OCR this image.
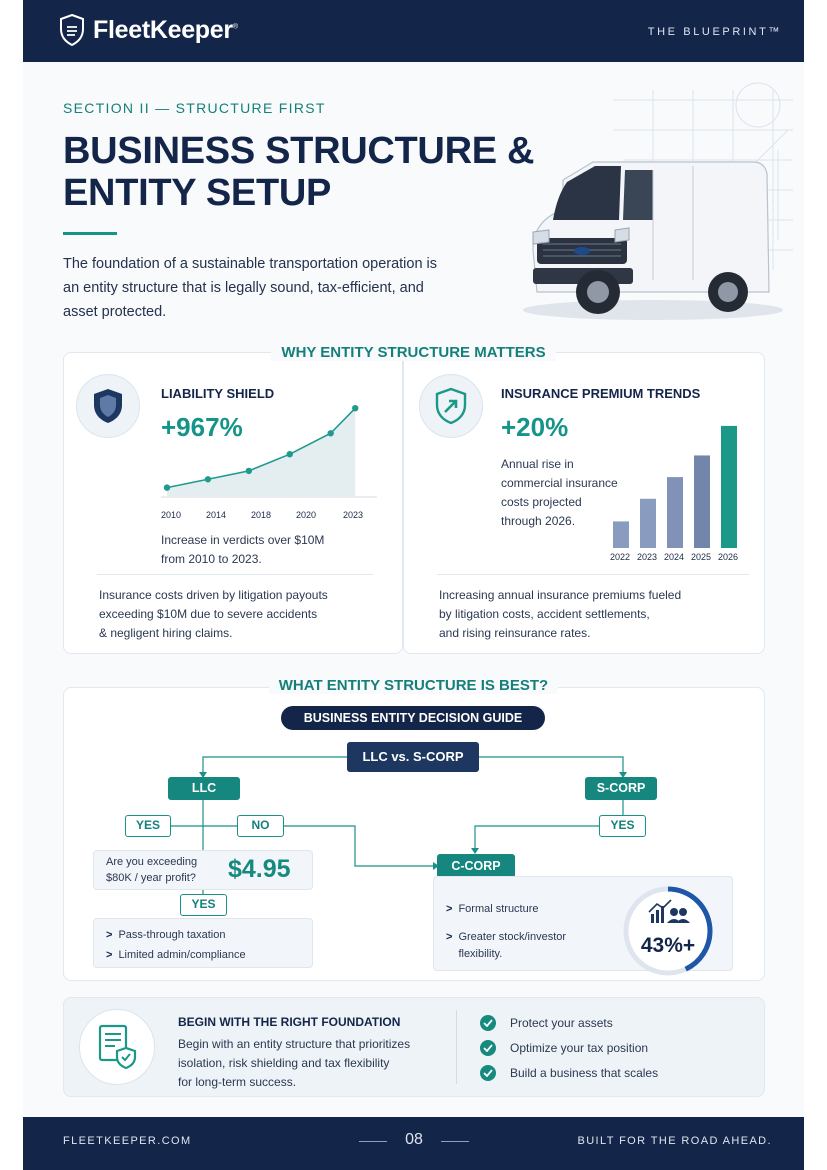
FleetKeeper®	THE BLUEPRINT™
SECTION II — STRUCTURE FIRST
BUSINESS STRUCTURE &
ENTITY SETUP
The foundation of a sustainable transportation operation is
an entity structure that is legally sound, tax-efficient, and
asset protected.
WHY ENTITY STRUCTURE MATTERS
LIABILITY SHIELD
+967%
2010	2014	2018	2020	2023
Increase in verdicts over $10M
from 2010 to 2023.
Insurance costs driven by litigation payouts
exceeding $10M due to severe accidents
& negligent hiring claims.
INSURANCE PREMIUM TRENDS
+20%
Annual rise in
commercial insurance
costs projected
through 2026.
2022 2023 2024 2025 2026
Increasing annual insurance premiums fueled
by litigation costs, accident settlements,
and rising reinsurance rates.
WHAT ENTITY STRUCTURE IS BEST?
BUSINESS ENTITY DECISION GUIDE
LLC vs. S-CORP
LLC	S-CORP
YES	NO	YES
Are you exceeding
$80K / year profit? $4.95
YES
C-CORP
> Pass-through taxation
> Limited admin/compliance
> Formal structure
> Greater stock/investor flexibility.	43%+
BEGIN WITH THE RIGHT FOUNDATION
Begin with an entity structure that prioritizes
isolation, risk shielding and tax flexibility
for long-term success.
Protect your assets
Optimize your tax position
Build a business that scales
FLEETKEEPER.COM	08	BUILT FOR THE ROAD AHEAD.
